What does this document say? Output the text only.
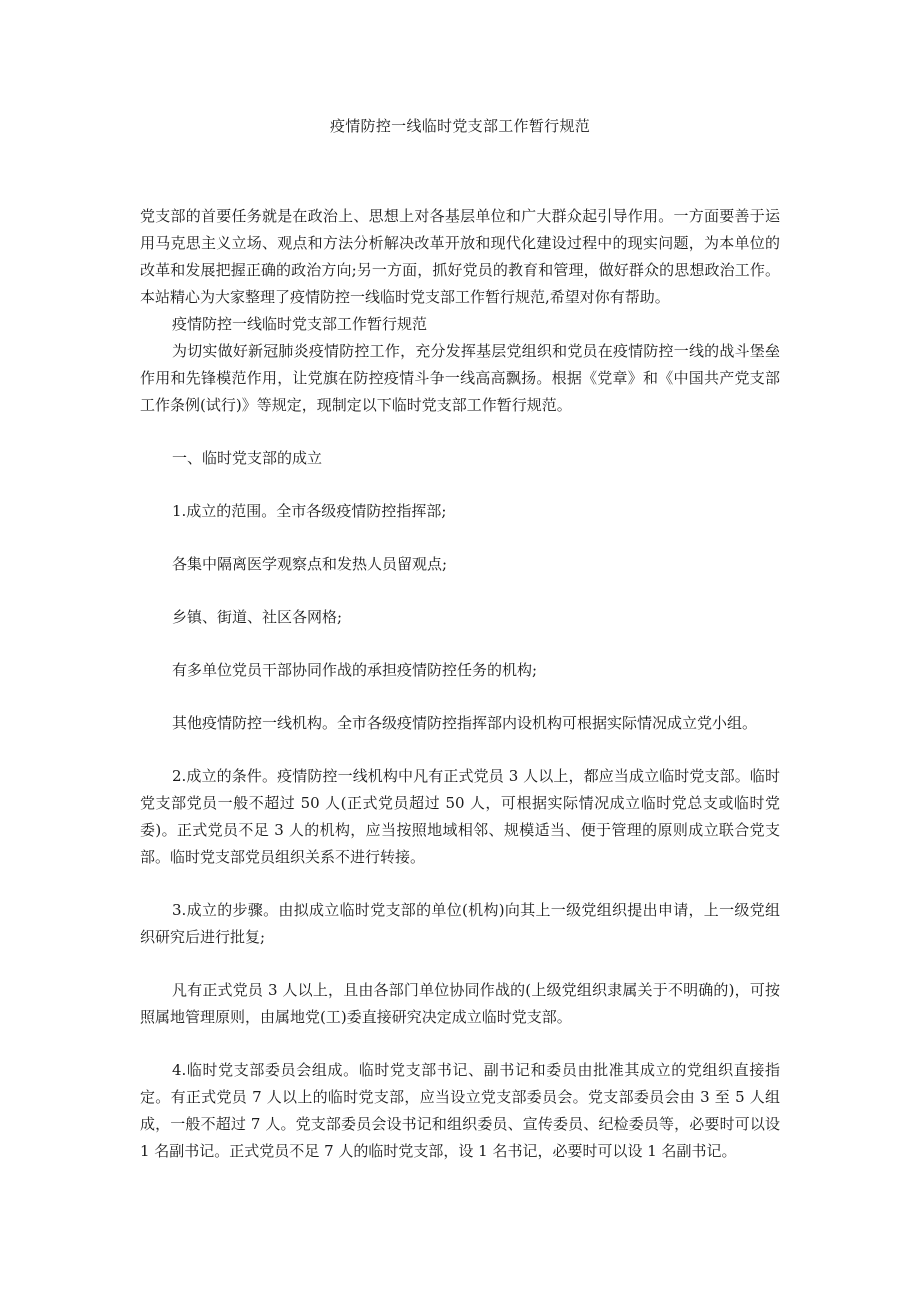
疫情防控一线临时党支部工作暂行规范

党支部的首要任务就是在政治上、思想上对各基层单位和广大群众起引导作用。一方面要善于运用马克思主义立场、观点和方法分析解决改革开放和现代化建设过程中的现实问题，为本单位的改革和发展把握正确的政治方向;另一方面，抓好党员的教育和管理，做好群众的思想政治工作。本站精心为大家整理了疫情防控一线临时党支部工作暂行规范,希望对你有帮助。

疫情防控一线临时党支部工作暂行规范

为切实做好新冠肺炎疫情防控工作，充分发挥基层党组织和党员在疫情防控一线的战斗堡垒作用和先锋模范作用，让党旗在防控疫情斗争一线高高飘扬。根据《党章》和《中国共产党支部工作条例(试行)》等规定，现制定以下临时党支部工作暂行规范。

一、临时党支部的成立

1.成立的范围。全市各级疫情防控指挥部;

各集中隔离医学观察点和发热人员留观点;

乡镇、街道、社区各网格;

有多单位党员干部协同作战的承担疫情防控任务的机构;

其他疫情防控一线机构。全市各级疫情防控指挥部内设机构可根据实际情况成立党小组。

2.成立的条件。疫情防控一线机构中凡有正式党员 3 人以上，都应当成立临时党支部。临时党支部党员一般不超过 50 人(正式党员超过 50 人，可根据实际情况成立临时党总支或临时党委)。正式党员不足 3 人的机构，应当按照地域相邻、规模适当、便于管理的原则成立联合党支部。临时党支部党员组织关系不进行转接。

3.成立的步骤。由拟成立临时党支部的单位(机构)向其上一级党组织提出申请，上一级党组织研究后进行批复;

凡有正式党员 3 人以上，且由各部门单位协同作战的(上级党组织隶属关于不明确的)，可按照属地管理原则，由属地党(工)委直接研究决定成立临时党支部。

4.临时党支部委员会组成。临时党支部书记、副书记和委员由批准其成立的党组织直接指定。有正式党员 7 人以上的临时党支部，应当设立党支部委员会。党支部委员会由 3 至 5 人组成，一般不超过 7 人。党支部委员会设书记和组织委员、宣传委员、纪检委员等，必要时可以设 1 名副书记。正式党员不足 7 人的临时党支部，设 1 名书记，必要时可以设 1 名副书记。
